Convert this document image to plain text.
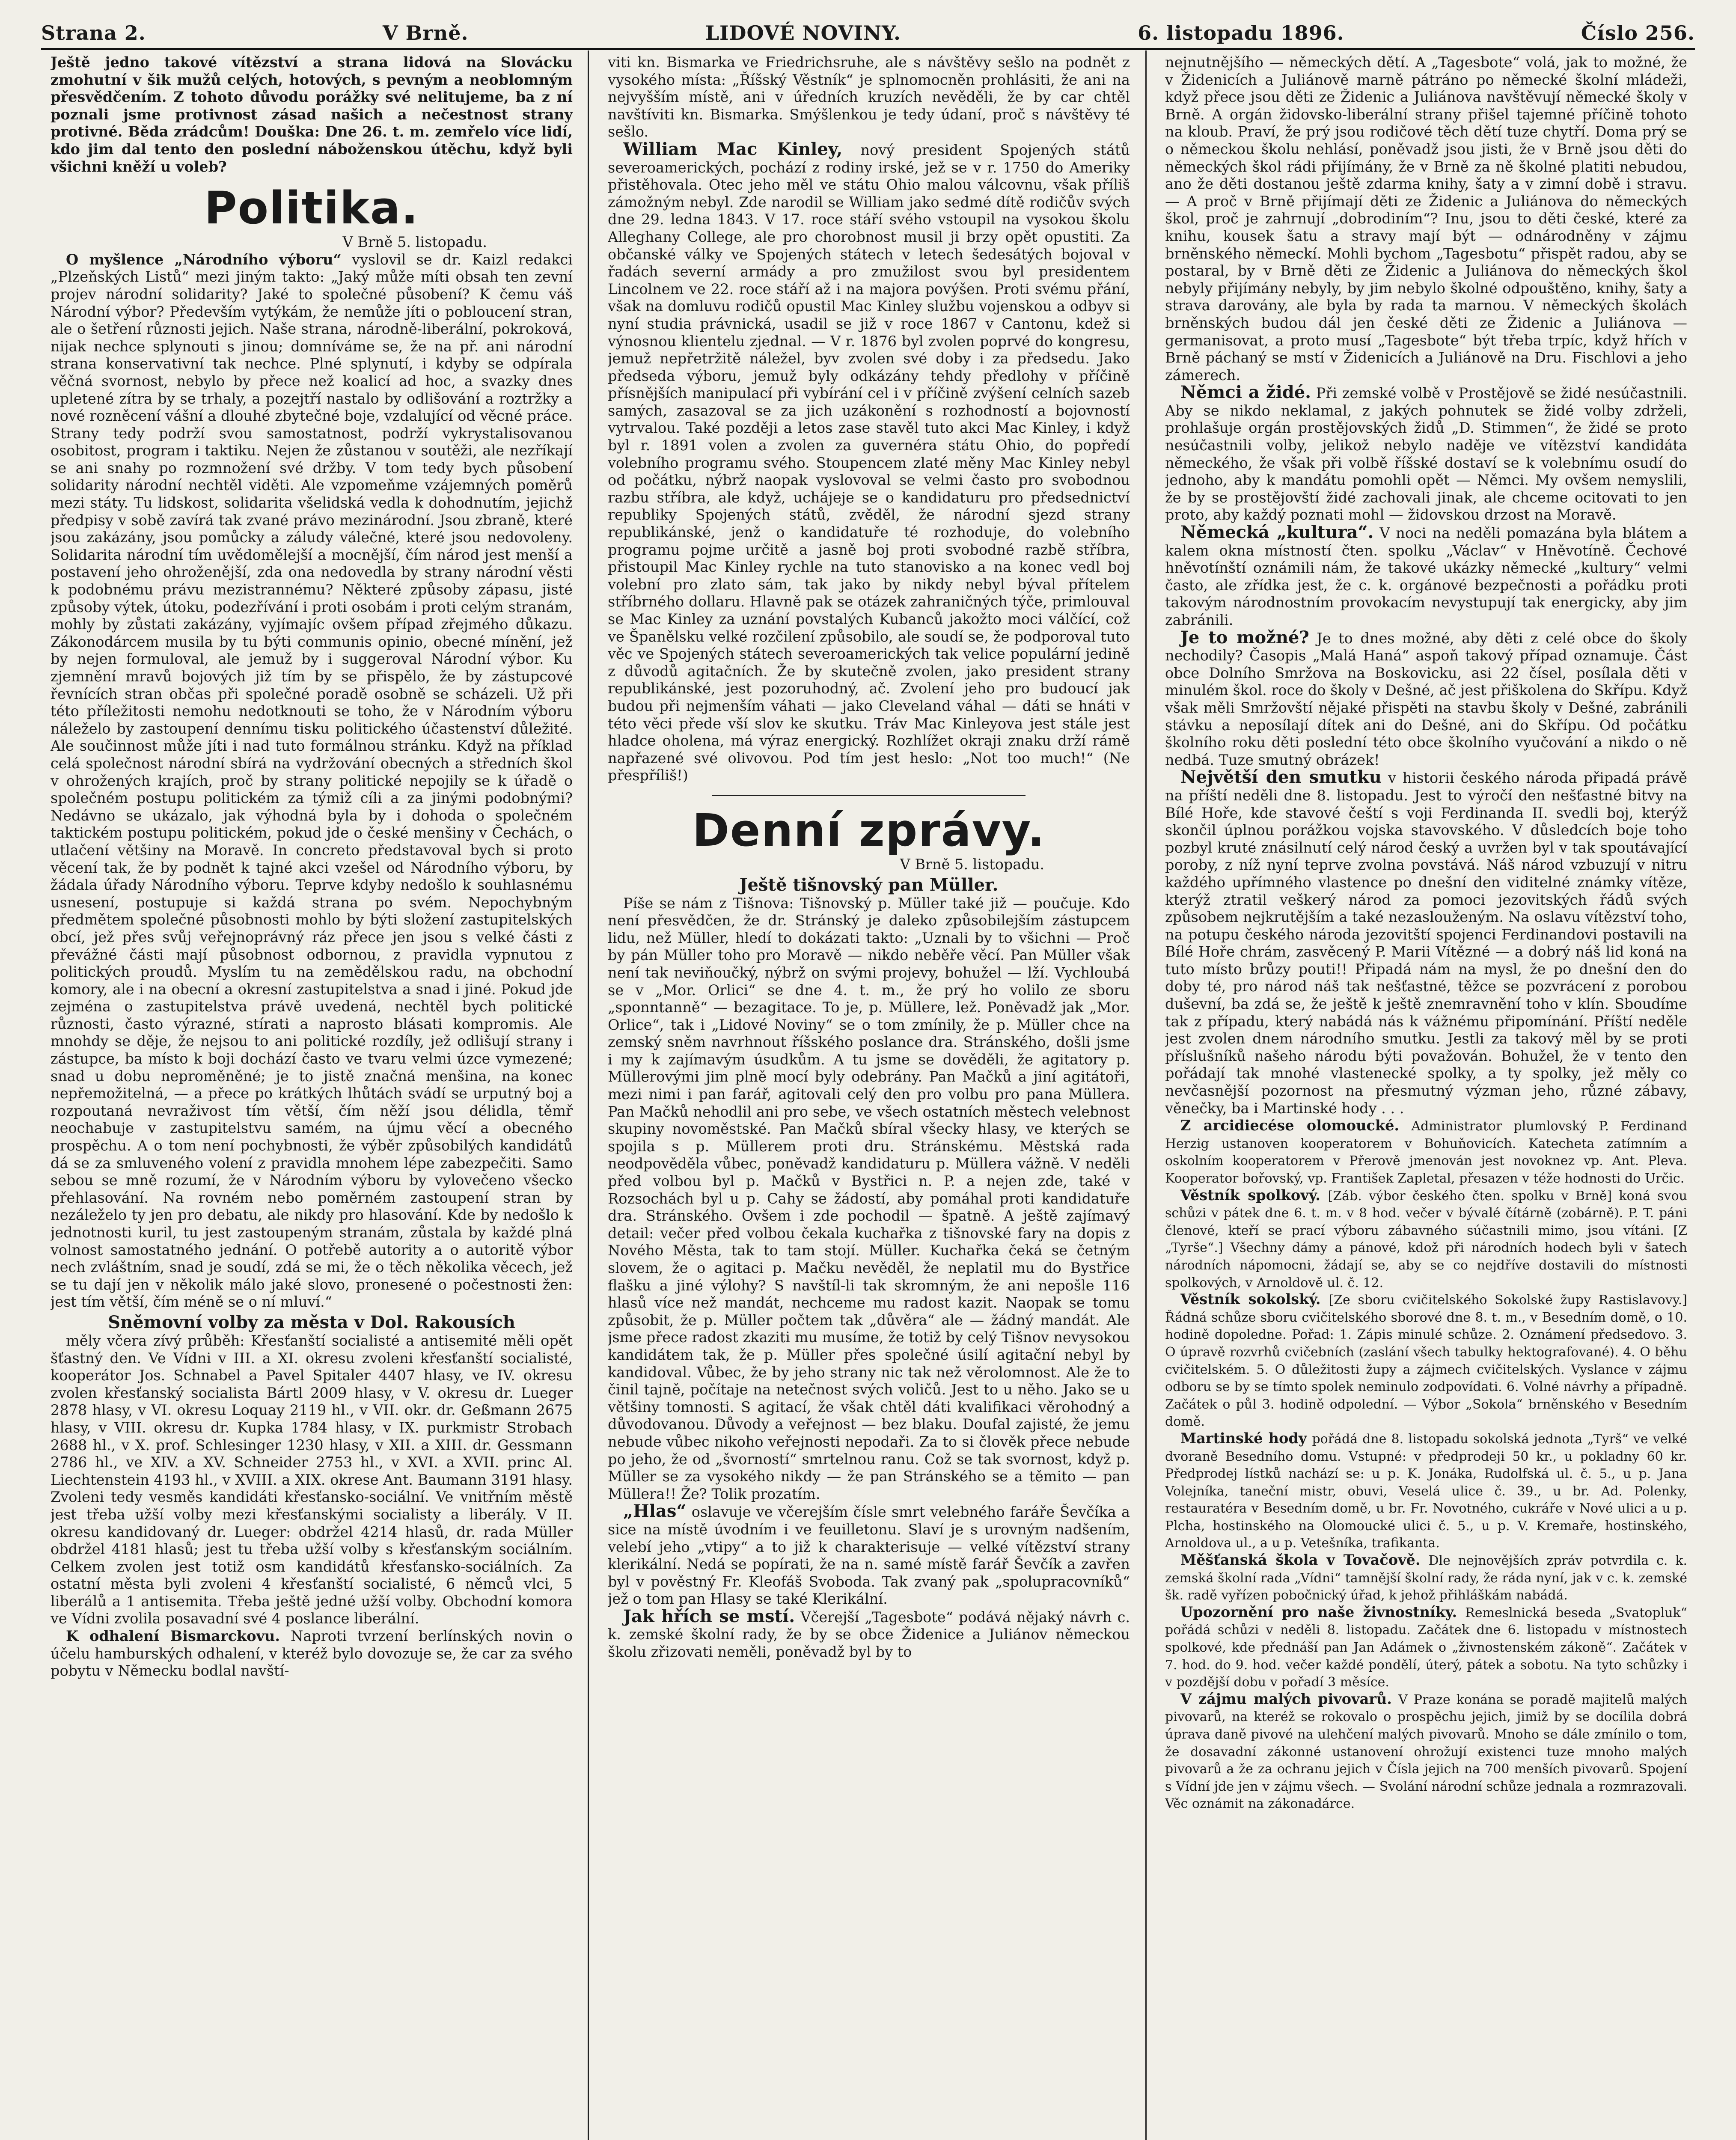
Strana 2.	V Brně.	LIDOVÉ NOVINY.	6. listopadu 1896.	Číslo 256.

Ještě jedno takové vítězství a strana lidová na Slovácku zmohutní v šik mužů celých, hotových, s pevným a neoblomným přesvědčením. Z tohoto důvodu porážky své nelitujeme, ba z ní poznali jsme protivnost zásad našich a nečestnost strany protivné. Běda zrádcům! Douška: Dne 26. t. m. zemřelo více lidí, kdo jim dal tento den poslední náboženskou útěchu, když byli všichni kněží u voleb?

Politika.
V Brně 5. listopadu.

O myšlence „Národního výboru“ vyslovil se dr. Kaizl redakci „Plzeňských Listů“ mezi jiným takto: „Jaký může míti obsah ten zevní projev národní solidarity? Jaké to společné působení? K čemu váš Národní výbor? Především vytýkám, že nemůže jíti o pobloucení stran, ale o šetření různosti jejich. Naše strana, národně-liberální, pokroková, nijak nechce splynouti s jinou; domníváme se, že na př. ani národní strana konservativní tak nechce. Plné splynutí, i kdyby se odpírala věčná svornost, nebylo by přece než koalicí ad hoc, a svazky dnes upletené zítra by se trhaly, a pozejtří nastalo by odlišování a roztržky a nové rozněcení vášní a dlouhé zbytečné boje, vzdalující od věcné práce. Strany tedy podrží svou samostatnost, podrží vykrystalisovanou osobitost, program i taktiku. Nejen že zůstanou v soutěži, ale nezříkají se ani snahy po rozmnožení své držby. V tom tedy bych působení solidarity národní nechtěl viděti. Ale vzpomeňme vzájemných poměrů mezi státy. Tu lidskost, solidarita všelidská vedla k dohodnutím, jejichž předpisy v sobě zavírá tak zvané právo mezinárodní. Jsou zbraně, které jsou zakázány, jsou pomůcky a záludy válečné, které jsou nedovoleny. Solidarita národní tím uvědomělejší a mocnější, čím národ jest menší a postavení jeho ohroženější, zda ona nedovedla by strany národní věsti k podobnému právu mezistrannému? Některé způsoby zápasu, jisté způsoby výtek, útoku, podezřívání i proti osobám i proti celým stranám, mohly by zůstati zakázány, vyjímajíc ovšem případ zřejmého důkazu. Zákonodárcem musila by tu býti communis opinio, obecné mínění, jež by nejen formuloval, ale jemuž by i suggeroval Národní výbor. Ku zjemnění mravů bojových již tím by se přispělo, že by zástupcové řevnících stran občas při společné poradě osobně se scházeli. Už při této příležitosti nemohu nedotknouti se toho, že v Národním výboru náleželo by zastoupení dennímu tisku politického účastenství důležité. Ale součinnost může jíti i nad tuto formálnou stránku. Když na příklad celá společnost národní sbírá na vydržování obecných a středních škol v ohrožených krajích, proč by strany politické nepojily se k úřadě o společném postupu politickém za týmiž cíli a za jinými podobnými? Nedávno se ukázalo, jak výhodná byla by i dohoda o společném taktickém postupu politickém, pokud jde o české menšiny v Čechách, o utlačení většiny na Moravě. In concreto představoval bych si proto věcení tak, že by podnět k tajné akci vzešel od Národního výboru, by žádala úřady Národního výboru. Teprve kdyby nedošlo k souhlasnému usnesení, postupuje si každá strana po svém. Nepochybným předmětem společné působnosti mohlo by býti složení zastupitelských obcí, jež přes svůj veřejnoprávný ráz přece jen jsou s velké části z převážné části mají působnost odbornou, z pravidla vypnutou z politických proudů. Myslím tu na zemědělskou radu, na obchodní komory, ale i na obecní a okresní zastupitelstva a snad i jiné. Pokud jde zejména o zastupitelstva právě uvedená, nechtěl bych politické různosti, často výrazné, stírati a naprosto blásati kompromis. Ale mnohdy se děje, že nejsou to ani politické rozdíly, jež odlišují strany i zástupce, ba místo k boji dochází často ve tvaru velmi úzce vymezené; snad u dobu neproměněné; je to jistě značná menšina, na konec nepřemožitelná, — a přece po krátkých lhůtách svádí se urputný boj a rozpoutaná nevraživost tím větší, čím něží jsou délidla, těmř neochabuje v zastupitelstvu samém, na újmu věcí a obecného prospěchu. A o tom není pochybnosti, že výběr způsobilých kandidátů dá se za smluveného volení z pravidla mnohem lépe zabezpečiti. Samo sebou se mně rozumí, že v Národním výboru by vylovečeno všecko přehlasování. Na rovném nebo poměrném zastoupení stran by nezáleželo ty jen pro debatu, ale nikdy pro hlasování. Kde by nedošlo k jednotnosti kuril, tu jest zastoupeným stranám, zůstala by každé plná volnost samostatného jednání. O potřebě autority a o autoritě výbor nech zvláštním, snad je soudí, zdá se mi, že o těch několika věcech, jež se tu dají jen v několik málo jaké slovo, pronesené o počestnosti žen: jest tím větší, čím méně se o ní mluví.“

Sněmovní volby za města v Dol. Rakousích

měly včera zívý průběh: Křesťanští socialisté a antisemité měli opět šťastný den. Ve Vídni v III. a XI. okresu zvoleni křesťanští socialisté, kooperátor Jos. Schnabel a Pavel Spitaler 4407 hlasy, ve IV. okresu zvolen křesťanský socialista Bártl 2009 hlasy, v V. okresu dr. Lueger 2878 hlasy, v VI. okresu Loquay 2119 hl., v VII. okr. dr. Geßmann 2675 hlasy, v VIII. okresu dr. Kupka 1784 hlasy, v IX. purkmistr Strobach 2688 hl., v X. prof. Schlesinger 1230 hlasy, v XII. a XIII. dr. Gessmann 2786 hl., ve XIV. a XV. Schneider 2753 hl., v XVI. a XVII. princ Al. Liechtenstein 4193 hl., v XVIII. a XIX. okrese Ant. Baumann 3191 hlasy. Zvoleni tedy vesměs kandidáti křesťansko-sociální. Ve vnitřním městě jest třeba užší volby mezi křesťanskými socialisty a liberály. V II. okresu kandidovaný dr. Lueger: obdržel 4214 hlasů, dr. rada Müller obdržel 4181 hlasů; jest tu třeba užší volby s křesťanským sociálním. Celkem zvolen jest totiž osm kandidátů křesťansko-sociálních. Za ostatní města byli zvoleni 4 křesťanští socialisté, 6 němců vlci, 5 liberálů a 1 antisemita. Třeba ještě jedné užší volby. Obchodní komora ve Vídni zvolila posavadní své 4 poslance liberální.

K odhalení Bismarckovu. Naproti tvrzení berlínských novin o účelu hamburských odhalení, v kteréž bylo dovozuje se, že car za svého pobytu v Německu bodlal navští-

viti kn. Bismarka ve Friedrichsruhe, ale s návštěvy sešlo na podnět z vysokého místa: „Říšský Věstník“ je splnomocněn prohlásiti, že ani na nejvyšším místě, ani v úředních kruzích nevěděli, že by car chtěl navštíviti kn. Bismarka. Smýšlenkou je tedy údaní, proč s návštěvy té sešlo.

William Mac Kinley, nový president Spojených států severoamerických, pochází z rodiny irské, jež se v r. 1750 do Ameriky přistěhovala. Otec jeho měl ve státu Ohio malou válcovnu, však příliš zámožným nebyl. Zde narodil se William jako sedmé dítě rodičův svých dne 29. ledna 1843. V 17. roce stáří svého vstoupil na vysokou školu Alleghany College, ale pro chorobnost musil ji brzy opět opustiti. Za občanské války ve Spojených státech v letech šedesátých bojoval v řadách severní armády a pro zmužilost svou byl presidentem Lincolnem ve 22. roce stáří až i na majora povýšen. Proti svému přání, však na domluvu rodičů opustil Mac Kinley službu vojenskou a odbyv si nyní studia právnická, usadil se již v roce 1867 v Cantonu, kdež si výnosnou klientelu zjednal. — V r. 1876 byl zvolen poprvé do kongresu, jemuž nepřetržitě náležel, byv zvolen své doby i za předsedu. Jako předseda výboru, jemuž byly odkázány tehdy předlohy v příčině přísnějších manipulací při vybírání cel i v příčině zvýšení celních sazeb samých, zasazoval se za jich uzákonění s rozhodností a bojovností vytrvalou. Také později a letos zase stavěl tuto akci Mac Kinley, i když byl r. 1891 volen a zvolen za guvernéra státu Ohio, do popředí volebního programu svého. Stoupencem zlaté měny Mac Kinley nebyl od počátku, nýbrž naopak vyslovoval se velmi často pro svobodnou razbu stříbra, ale když, uchájeje se o kandidaturu pro předsednictví republiky Spojených států, zvěděl, že národní sjezd strany republikánské, jenž o kandidatuře té rozhoduje, do volebního programu pojme určitě a jasně boj proti svobodné razbě stříbra, přistoupil Mac Kinley rychle na tuto stanovisko a na konec vedl boj volební pro zlato sám, tak jako by nikdy nebyl býval přítelem stříbrného dollaru. Hlavně pak se otázek zahraničných týče, primlouval se Mac Kinley za uznání povstalých Kubanců jakožto moci válčící, což ve Španělsku velké rozčilení způsobilo, ale soudí se, že podporoval tuto věc ve Spojených státech severoamerických tak velice populární jedině z důvodů agitačních. Že by skutečně zvolen, jako president strany republikánské, jest pozoruhodný, ač. Zvolení jeho pro budoucí jak budou při nejmenším váhati — jako Cleveland váhal — dáti se hnáti v této věci přede vší slov ke skutku. Tráv Mac Kinleyova jest stále jest hladce oholena, má výraz energický. Rozhlížet okraji znaku drží rámě napřazené své olivovou. Pod tím jest heslo: „Not too much!“ (Ne přespříliš!)

Denní zprávy.
V Brně 5. listopadu.
Ještě tišnovský pan Müller.

Píše se nám z Tišnova: Tišnovský p. Müller také již — poučuje. Kdo není přesvědčen, že dr. Stránský je daleko způsobilejším zástupcem lidu, než Müller, hledí to dokázati takto: „Uznali by to všichni — Proč by pán Müller toho pro Moravě — nikdo neběře věcí. Pan Müller však není tak neviňoučký, nýbrž on svými projevy, bohužel — lží. Vychloubá se v „Mor. Orlici“ se dne 4. t. m., že prý ho volilo ze sboru „sponntanně“ — bezagitace. To je, p. Müllere, lež. Poněvadž jak „Mor. Orlice“, tak i „Lidové Noviny“ se o tom zmínily, že p. Müller chce na zemský sněm navrhnout říšského poslance dra. Stránského, došli jsme i my k zajímavým úsudkům. A tu jsme se dověděli, že agitatory p. Müllerovými jim plně mocí byly odebrány. Pan Mačků a jiní agitátoři, mezi nimi i pan farář, agitovali celý den pro volbu pro pana Müllera. Pan Mačků nehodlil ani pro sebe, ve všech ostatních městech velebnost skupiny novoměstské. Pan Mačků sbíral všecky hlasy, ve kterých se spojila s p. Müllerem proti dru. Stránskému. Městská rada neodpověděla vůbec, poněvadž kandidaturu p. Müllera vážně. V neděli před volbou byl p. Mačků v Bystřici n. P. a nejen zde, také v Rozsochách byl u p. Cahy se žádostí, aby pomáhal proti kandidatuře dra. Stránského. Ovšem i zde pochodil — špatně. A ještě zajímavý detail: večer před volbou čekala kuchařka z tišnovské fary na dopis z Nového Města, tak to tam stojí. Müller. Kuchařka čeká se četným slovem, že o agitaci p. Mačku nevěděl, že neplatil mu do Bystřice flašku a jiné výlohy? S navštíl-li tak skromným, že ani nepošle 116 hlasů více než mandát, nechceme mu radost kazit. Naopak se tomu způsobit, že p. Müller počtem tak „důvěra“ ale — žádný mandát. Ale jsme přece radost zkaziti mu musíme, že totiž by celý Tišnov nevysokou kandidátem tak, že p. Müller přes společné úsilí agitační nebyl by kandidoval. Vůbec, že by jeho strany nic tak než věrolomnost. Ale že to činil tajně, počítaje na netečnost svých voličů. Jest to u něho. Jako se u většiny tomnosti. S agitací, že však chtěl dáti kvalifikaci věrohodný a důvodovanou. Důvody a veřejnost — bez blaku. Doufal zajisté, že jemu nebude vůbec nikoho veřejnosti nepodaři. Za to si člověk přece nebude po jeho, že od „švorností“ smrtelnou ranu. Což se tak svornost, když p. Müller se za vysokého nikdy — že pan Stránského se a těmito — pan Müllera!! Že? Tolik prozatím.

„Hlas“ oslavuje ve včerejším čísle smrt velebného faráře Ševčíka a sice na místě úvodním i ve feuilletonu. Slaví je s urovným nadšením, velebí jeho „vtipy“ a to již k charakterisuje — velké vítězství strany klerikální. Nedá se popírati, že na n. samé místě farář Ševčík a zavřen byl v pověstný Fr. Kleofáš Svoboda. Tak zvaný pak „spolupracovníků“ jež o tom pan Hlasy se také Klerikální.

Jak hřích se mstí. Včerejší „Tagesbote“ podává nějaký návrh c. k. zemské školní rady, že by se obce Židenice a Juliánov německou školu zřizovati neměli, poněvadž byl by to

nejnutnějšího — německých dětí. A „Tagesbote“ volá, jak to možné, že v Židenicích a Juliánově marně pátráno po německé školní mládeži, když přece jsou děti ze Židenic a Juliánova navštěvují německé školy v Brně. A orgán židovsko-liberální strany přišel tajemné příčině tohoto na kloub. Praví, že prý jsou rodičové těch dětí tuze chytří. Doma prý se o německou školu nehlásí, poněvadž jsou jisti, že v Brně jsou děti do německých škol rádi přijímány, že v Brně za ně školné platiti nebudou, ano že děti dostanou ještě zdarma knihy, šaty a v zimní době i stravu. — A proč v Brně přijímají děti ze Židenic a Juliánova do německých škol, proč je zahrnují „dobrodiním“? Inu, jsou to děti české, které za knihu, kousek šatu a stravy mají být — odnárodněny v zájmu brněnského německí. Mohli bychom „Tagesbotu“ přispět radou, aby se postaral, by v Brně děti ze Židenic a Juliánova do německých škol nebyly přijímány nebyly, by jim nebylo školné odpouštěno, knihy, šaty a strava darovány, ale byla by rada ta marnou. V německých školách brněnských budou dál jen české děti ze Židenic a Juliánova — germanisovat, a proto musí „Tagesbote“ být třeba trpíc, když hřích v Brně páchaný se mstí v Židenicích a Juliánově na Dru. Fischlovi a jeho zámerech.

Němci a židé. Při zemské volbě v Prostějově se židé nesúčastnili. Aby se nikdo neklamal, z jakých pohnutek se židé volby zdrželi, prohlašuje orgán prostějovských židů „D. Stimmen“, že židé se proto nesúčastnili volby, jelikož nebylo naděje ve vítězství kandidáta německého, že však při volbě říšské dostaví se k volebnímu osudí do jednoho, aby k mandátu pomohli opět — Němci. My ovšem nemyslili, že by se prostějovští židé zachovali jinak, ale chceme ocitovati to jen proto, aby každý poznati mohl — židovskou drzost na Moravě.

Německá „kultura“. V noci na neděli pomazána byla blátem a kalem okna místností čten. spolku „Václav“ v Hněvotíně. Čechové hněvotínští oznámili nám, že takové ukázky německé „kultury“ velmi často, ale zřídka jest, že c. k. orgánové bezpečnosti a pořádku proti takovým národnostním provokacím nevystupují tak energicky, aby jim zabránili.

Je to možné? Je to dnes možné, aby děti z celé obce do školy nechodily? Časopis „Malá Haná“ aspoň takový případ oznamuje. Část obce Dolního Smržova na Boskovicku, asi 22 čísel, posílala děti v minulém škol. roce do školy v Dešné, ač jest přiškolena do Skřípu. Když však měli Smržovští nějaké přispěti na stavbu školy v Dešné, zabránili stávku a neposílají dítek ani do Dešné, ani do Skřípu. Od počátku školního roku děti poslední této obce školního vyučování a nikdo o ně nedbá. Tuze smutný obrázek!

Největší den smutku v historii českého národa připadá právě na příští neděli dne 8. listopadu. Jest to výročí den nešťastné bitvy na Bílé Hoře, kde stavové čeští s voji Ferdinanda II. svedli boj, kterýž skončil úplnou porážkou vojska stavovského. V důsledcích boje toho pozbyl kruté znásilnutí celý národ český a uvržen byl v tak spoutávající poroby, z níž nyní teprve zvolna povstává. Náš národ vzbuzují v nitru každého upřímného vlastence po dnešní den viditelné známky vítěze, kterýž ztratil veškerý národ za pomoci jezovitských řádů svých způsobem nejkrutějším a také nezaslouženým. Na oslavu vítězství toho, na potupu českého národa jezovitští spojenci Ferdinandovi postavili na Bílé Hoře chrám, zasvěcený P. Marii Vítězné — a dobrý náš lid koná na tuto místo brůzy pouti!! Připadá nám na mysl, že po dnešní den do doby té, pro národ náš tak nešťastné, těžce se pozvrácení z porobou duševní, ba zdá se, že ještě k ještě znemravnění toho v klín. Sboudíme tak z případu, který nabádá nás k vážnému připomínání. Příští neděle jest zvolen dnem národního smutku. Jestli za takový měl by se proti příslušníků našeho národu býti považován. Bohužel, že v tento den pořádají tak mnohé vlastenecké spolky, a ty spolky, jež měly co nevčasnější pozornost na přesmutný výzman jeho, různé zábavy, věnečky, ba i Martinské hody . . .

Z arcidiecése olomoucké. Administrator plumlovský P. Ferdinand Herzig ustanoven kooperatorem v Bohuňovicích. Katecheta zatímním a oskolním kooperatorem v Přerově jmenován jest novoknez vp. Ant. Pleva. Kooperator bořovský, vp. František Zapletal, přesazen v téže hodnosti do Určic.

Věstník spolkový. [Záb. výbor českého čten. spolku v Brně] koná svou schůzi v pátek dne 6. t. m. v 8 hod. večer v bývalé čítárně (zobárně). P. T. páni členové, kteří se prací výboru zábavného súčastnili mimo, jsou vítáni. [Z „Tyrše“.] Všechny dámy a pánové, kdož při národních hodech byli v šatech národních nápomocni, žádají se, aby se co nejdříve dostavili do místnosti spolkových, v Arnoldově ul. č. 12.

Věstník sokolský. [Ze sboru cvičitelského Sokolské župy Rastislavovy.] Řádná schůze sboru cvičitelského sborové dne 8. t. m., v Besedním domě, o 10. hodině dopoledne. Pořad: 1. Zápis minulé schůze. 2. Oznámení předsedovo. 3. O úpravě rozvrhů cvičebních (zaslání všech tabulky hektografované). 4. O běhu cvičitelském. 5. O důležitosti župy a zájmech cvičitelských. Vyslance v zájmu odboru se by se tímto spolek neminulo zodpovídati. 6. Volné návrhy a případně. Začátek o půl 3. hodině odpolední. — Výbor „Sokola“ brněnského v Besedním domě.

Martinské hody pořádá dne 8. listopadu sokolská jednota „Tyrš“ ve velké dvoraně Besedního domu. Vstupné: v předprodeji 50 kr., u pokladny 60 kr. Předprodej lístků nachází se: u p. K. Jonáka, Rudolfská ul. č. 5., u p. Jana Volejníka, taneční mistr, obuvi, Veselá ulice č. 39., u br. Ad. Polenky, restauratéra v Besedním domě, u br. Fr. Novotného, cukráře v Nové ulici a u p. Plcha, hostinského na Olomoucké ulici č. 5., u p. V. Kremaře, hostinského, Arnoldova ul., a u p. Vetešníka, trafikanta.

Měšťanská škola v Tovačově. Dle nejnovějších zpráv potvrdila c. k. zemská školní rada „Vídni“ tamnější školní rady, že ráda nyní, jak v c. k. zemské šk. radě vyřízen pobočnický úřad, k jehož přihláškám nabádá.

Upozornění pro naše živnostníky. Remeslnická beseda „Svatopluk“ pořádá schůzi v neděli 8. listopadu. Začátek dne 6. listopadu v místnostech spolkové, kde přednáší pan Jan Adámek o „živnostenském zákoně“. Začátek v 7. hod. do 9. hod. večer každé pondělí, úterý, pátek a sobotu. Na tyto schůzky i v pozdější dobu v pořadí 3 měsíce.

V zájmu malých pivovarů. V Praze konána se poradě majitelů malých pivovarů, na kteréž se rokovalo o prospěchu jejich, jimiž by se docílila dobrá úprava daně pivové na ulehčení malých pivovarů. Mnoho se dále zmínilo o tom, že dosavadní zákonné ustanovení ohrožují existenci tuze mnoho malých pivovarů a že za ochranu jejich v Čísla jejich na 700 menších pivovarů. Spojení s Vídní jde jen v zájmu všech. — Svolání národní schůze jednala a rozmrazovali. Věc oznámit na zákonadárce.
